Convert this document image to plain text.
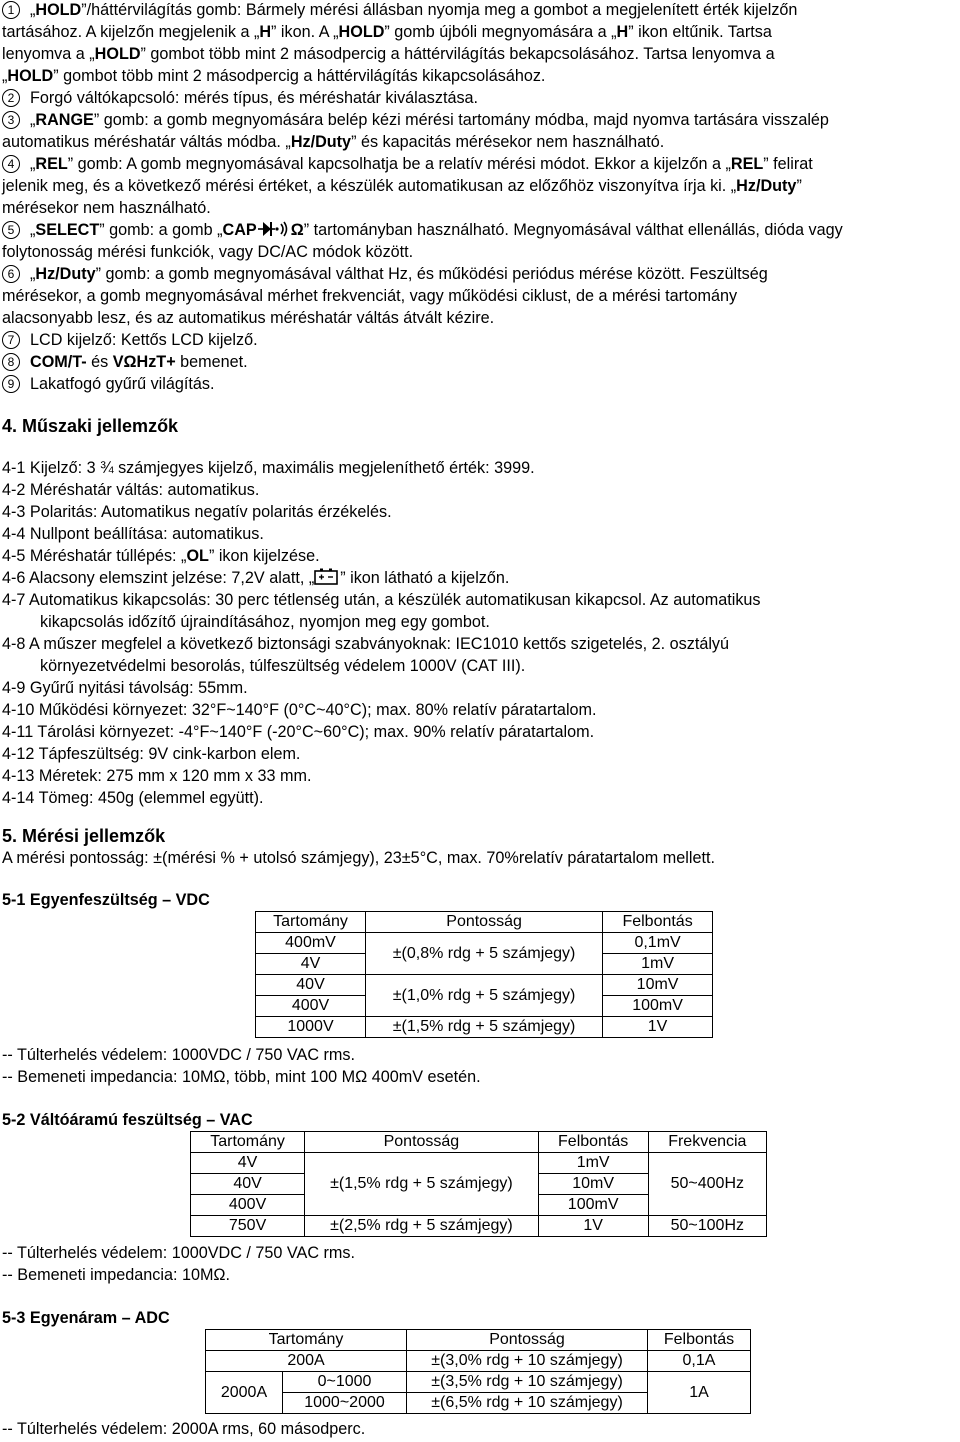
1 „HOLD”/háttérvilágítás gomb: Bármely mérési állásban nyomja meg a gombot a megjelenített érték kijelzőn
tartásához. A kijelzőn megjelenik a „H” ikon. A „HOLD” gomb újbóli megnyomására a „H” ikon eltűnik. Tartsa
lenyomva a „HOLD” gombot több mint 2 másodpercig a háttérvilágítás bekapcsolásához. Tartsa lenyomva a
„HOLD” gombot több mint 2 másodpercig a háttérvilágítás kikapcsolásához.
2 Forgó váltókapcsoló: mérés típus, és méréshatár kiválasztása.
3 „RANGE” gomb: a gomb megnyomására belép kézi mérési tartomány módba, majd nyomva tartására visszalép
automatikus méréshatár váltás módba. „Hz/Duty” és kapacitás mérésekor nem használható.
4 „REL” gomb: A gomb megnyomásával kapcsolhatja be a relatív mérési módot. Ekkor a kijelzőn a „REL” felirat
jelenik meg, és a következő mérési értéket, a készülék automatikusan az előzőhöz viszonyítva írja ki. „Hz/Duty”
mérésekor nem használható.
5 „SELECT” gomb: a gomb „CAP Ω” tartományban használható. Megnyomásával válthat ellenállás, dióda vagy
folytonosság mérési funkciók, vagy DC/AC módok között.
6 „Hz/Duty” gomb: a gomb megnyomásával válthat Hz, és működési periódus mérése között. Feszültség
mérésekor, a gomb megnyomásával mérhet frekvenciát, vagy működési ciklust, de a mérési tartomány
alacsonyabb lesz, és az automatikus méréshatár váltás átvált kézire.
7 LCD kijelző: Kettős LCD kijelző.
8 COM/T- és VΩHzT+ bemenet.
9 Lakatfogó gyűrű világítás.
4. Műszaki jellemzők
4-1 Kijelző: 3 ¾ számjegyes kijelző, maximális megjeleníthető érték: 3999.
4-2 Méréshatár váltás: automatikus.
4-3 Polaritás: Automatikus negatív polaritás érzékelés.
4-4 Nullpont beállítása: automatikus.
4-5 Méréshatár túllépés: „OL” ikon kijelzése.
4-6 Alacsony elemszint jelzése: 7,2V alatt, „ ” ikon látható a kijelzőn.
4-7 Automatikus kikapcsolás: 30 perc tétlenség után, a készülék automatikusan kikapcsol. Az automatikus
kikapcsolás időzítő újraindításához, nyomjon meg egy gombot.
4-8 A műszer megfelel a következő biztonsági szabványoknak: IEC1010 kettős szigetelés, 2. osztályú
környezetvédelmi besorolás, túlfeszültség védelem 1000V (CAT III).
4-9 Gyűrű nyitási távolság: 55mm.
4-10 Működési környezet: 32°F~140°F (0°C~40°C); max. 80% relatív páratartalom.
4-11 Tárolási környezet: -4°F~140°F (-20°C~60°C); max. 90% relatív páratartalom.
4-12 Tápfeszültség: 9V cink-karbon elem.
4-13 Méretek: 275 mm x 120 mm x 33 mm.
4-14 Tömeg: 450g (elemmel együtt).
5. Mérési jellemzők
A mérési pontosság: ±(mérési % + utolsó számjegy), 23±5°C, max. 70%relatív páratartalom mellett.
5-1 Egyenfeszültség – VDC
Tartomány	Pontosság	Felbontás
400mV	±(0,8% rdg + 5 számjegy)	0,1mV
4V		1mV
40V	±(1,0% rdg + 5 számjegy)	10mV
400V		100mV
1000V	±(1,5% rdg + 5 számjegy)	1V
-- Túlterhelés védelem: 1000VDC / 750 VAC rms.
-- Bemeneti impedancia: 10MΩ, több, mint 100 MΩ 400mV esetén.
5-2 Váltóáramú feszültség – VAC
Tartomány	Pontosság	Felbontás	Frekvencia
4V	±(1,5% rdg + 5 számjegy)	1mV	50~400Hz
40V		10mV	
400V		100mV	
750V	±(2,5% rdg + 5 számjegy)	1V	50~100Hz
-- Túlterhelés védelem: 1000VDC / 750 VAC rms.
-- Bemeneti impedancia: 10MΩ.
5-3 Egyenáram – ADC
Tartomány		Pontosság	Felbontás
200A		±(3,0% rdg + 10 számjegy)	0,1A
2000A	0~1000	±(3,5% rdg + 10 számjegy)	1A
	1000~2000	±(6,5% rdg + 10 számjegy)	
-- Túlterhelés védelem: 2000A rms, 60 másodperc.
